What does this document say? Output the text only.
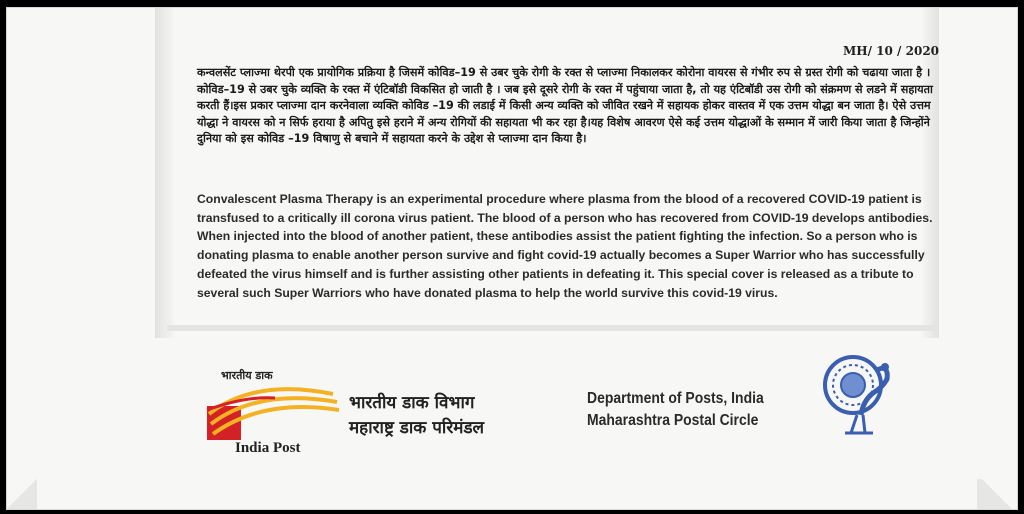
MH/ 10 / 2020

कन्वलसेंट प्लाज्मा थेरपी एक प्रायोगिक प्रक्रिया है जिसमें कोविड–19 से उबर चुके रोगी के रक्त से प्लाज्मा निकालकर कोरोना वायरस से गंभीर रुप से ग्रस्त रोगी को चढाया जाता है । कोविड–19 से उबर चुके व्यक्ति के रक्त में एंटिबॉडी विकसित हो जाती है । जब इसे दूसरे रोगी के रक्त में पहुंचाया जाता है, तो यह एंटिबॉडी उस रोगी को संक्रमण से लडने में सहायता करती हैं।इस प्रकार प्लाज्मा दान करनेवाला व्यक्ति कोविड –19 की लडाई में किसी अन्य व्यक्ति को जीवित रखने में सहायक होकर वास्तव में एक उत्तम योद्धा बन जाता है। ऐसे उत्तम योद्धा ने वायरस को न सिर्फ हराया है अपितु इसे हराने में अन्य रोगियों की सहायता भी कर रहा है।यह विशेष आवरण ऐसे कई उत्तम योद्धाओं के सम्मान में जारी किया जाता है जिन्होंने दुनिया को इस कोविड –19 विषाणु से बचाने में सहायता करने के उद्देश से प्लाज्मा दान किया है।

Convalescent Plasma Therapy is an experimental procedure where plasma from the blood of a recovered COVID-19 patient is transfused to a critically ill corona virus patient. The blood of a person who has recovered from COVID-19 develops antibodies. When injected into the blood of another patient, these antibodies assist the patient fighting the infection. So a person who is donating plasma to enable another person survive and fight covid-19 actually becomes a Super Warrior who has successfully defeated the virus himself and is further assisting other patients in defeating it. This special cover is released as a tribute to several such Super Warriors who have donated plasma to help the world survive this covid-19 virus.

भारतीय डाक
India Post
भारतीय डाक विभाग
महाराष्ट्र डाक परिमंडल
Department of Posts, India
Maharashtra Postal Circle
